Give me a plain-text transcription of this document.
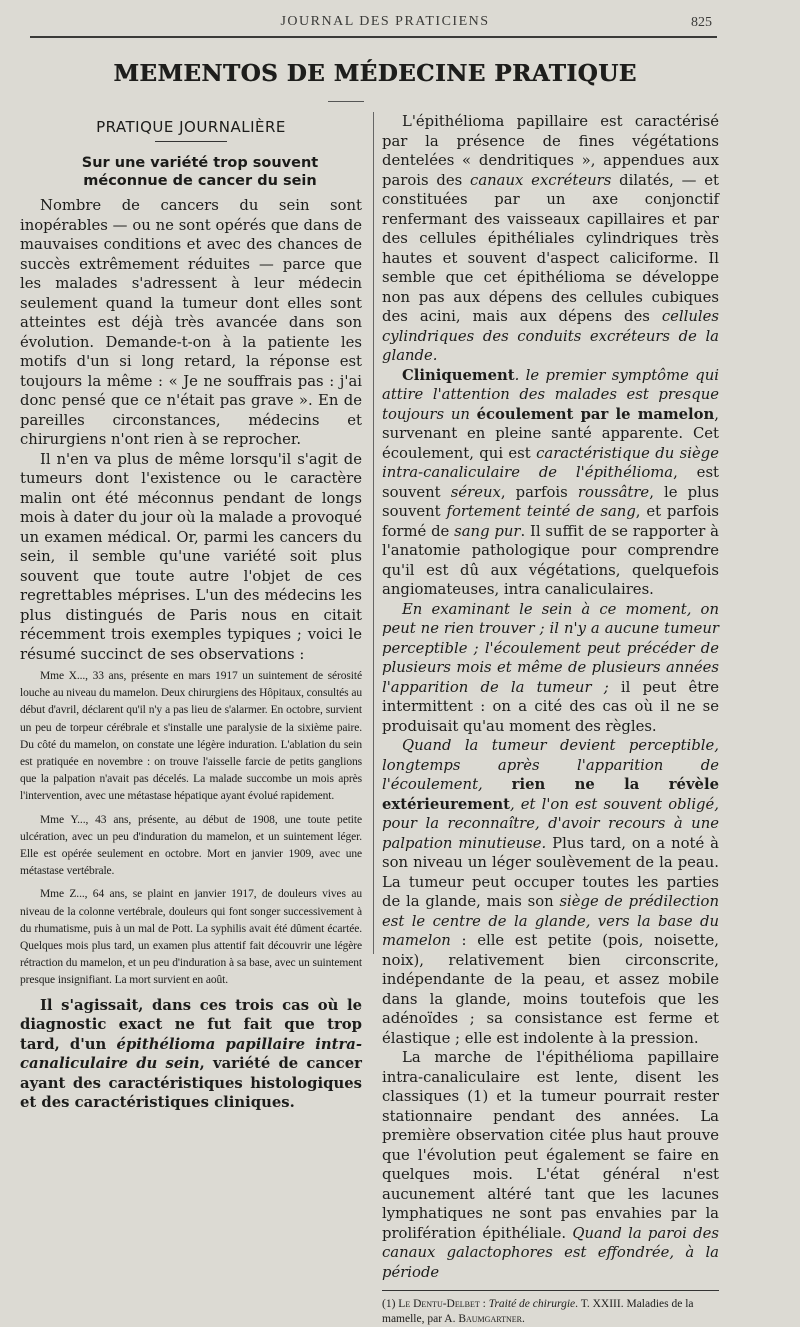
JOURNAL DES PRATICIENS	825
MEMENTOS DE MÉDECINE PRATIQUE
PRATIQUE JOURNALIÈRE
Sur une variété trop souvent méconnue de cancer du sein

Nombre de cancers du sein sont inopérables — ou ne sont opérés que dans de mauvaises conditions et avec des chances de succès extrêmement réduites — parce que les malades s'adressent à leur médecin seulement quand la tumeur dont elles sont atteintes est déjà très avancée dans son évolution. Demande-t-on à la patiente les motifs d'un si long retard, la réponse est toujours la même : « Je ne souffrais pas : j'ai donc pensé que ce n'était pas grave ». En de pareilles circonstances, médecins et chirurgiens n'ont rien à se reprocher.

Il n'en va plus de même lorsqu'il s'agit de tumeurs dont l'existence ou le caractère malin ont été méconnus pendant de longs mois à dater du jour où la malade a provoqué un examen médical. Or, parmi les cancers du sein, il semble qu'une variété soit plus souvent que toute autre l'objet de ces regrettables méprises. L'un des médecins les plus distingués de Paris nous en citait récemment trois exemples typiques ; voici le résumé succinct de ses observations :

Mme X..., 33 ans, présente en mars 1917 un suintement de sérosité louche au niveau du mamelon. Deux chirurgiens des Hôpitaux, consultés au début d'avril, déclarent qu'il n'y a pas lieu de s'alarmer. En octobre, survient un peu de torpeur cérébrale et s'installe une paralysie de la sixième paire. Du côté du mamelon, on constate une légère induration. L'ablation du sein est pratiquée en novembre : on trouve l'aisselle farcie de petits ganglions que la palpation n'avait pas décelés. La malade succombe un mois après l'intervention, avec une métastase hépatique ayant évolué rapidement.

Mme Y..., 43 ans, présente, au début de 1908, une toute petite ulcération, avec un peu d'induration du mamelon, et un suintement léger. Elle est opérée seulement en octobre. Mort en janvier 1909, avec une métastase vertébrale.

Mme Z..., 64 ans, se plaint en janvier 1917, de douleurs vives au niveau de la colonne vertébrale, douleurs qui font songer successivement à du rhumatisme, puis à un mal de Pott. La syphilis avait été dûment écartée. Quelques mois plus tard, un examen plus attentif fait découvrir une légère rétraction du mamelon, et un peu d'induration à sa base, avec un suintement presque insignifiant. La mort survient en août.

Il s'agissait, dans ces trois cas où le diagnostic exact ne fut fait que trop tard, d'un épithélioma papillaire intra-canaliculaire du sein, variété de cancer ayant des caractéristiques histologiques et des caractéristiques cliniques.

L'épithélioma papillaire est caractérisé par la présence de fines végétations dentelées « dendritiques », appendues aux parois des canaux excréteurs dilatés, — et constituées par un axe conjonctif renfermant des vaisseaux capillaires et par des cellules épithéliales cylindriques très hautes et souvent d'aspect caliciforme. Il semble que cet épithélioma se développe non pas aux dépens des cellules cubiques des acini, mais aux dépens des cellules cylindriques des conduits excréteurs de la glande.

Cliniquement. le premier symptôme qui attire l'attention des malades est presque toujours un écoulement par le mamelon, survenant en pleine santé apparente. Cet écoulement, qui est caractéristique du siège intra-canaliculaire de l'épithélioma, est souvent séreux, parfois roussâtre, le plus souvent fortement teinté de sang, et parfois formé de sang pur. Il suffit de se rapporter à l'anatomie pathologique pour comprendre qu'il est dû aux végétations, quelquefois angiomateuses, intra canaliculaires.

En examinant le sein à ce moment, on peut ne rien trouver ; il n'y a aucune tumeur perceptible ; l'écoulement peut précéder de plusieurs mois et même de plusieurs années l'apparition de la tumeur ; il peut être intermittent : on a cité des cas où il ne se produisait qu'au moment des règles.

Quand la tumeur devient perceptible, longtemps après l'apparition de l'écoulement, rien ne la révèle extérieurement, et l'on est souvent obligé, pour la reconnaître, d'avoir recours à une palpation minutieuse. Plus tard, on a noté à son niveau un léger soulèvement de la peau. La tumeur peut occuper toutes les parties de la glande, mais son siège de prédilection est le centre de la glande, vers la base du mamelon : elle est petite (pois, noisette, noix), relativement bien circonscrite, indépendante de la peau, et assez mobile dans la glande, moins toutefois que les adénoïdes ; sa consistance est ferme et élastique ; elle est indolente à la pression.

La marche de l'épithélioma papillaire intra-canaliculaire est lente, disent les classiques (1) et la tumeur pourrait rester stationnaire pendant des années. La première observation citée plus haut prouve que l'évolution peut également se faire en quelques mois. L'état général n'est aucunement altéré tant que les lacunes lymphatiques ne sont pas envahies par la prolifération épithéliale. Quand la paroi des canaux galactophores est effondrée, à la période

(1) Le Dentu-Delbet : Traité de chirurgie. T. XXIII. Maladies de la mamelle, par A. Baumgartner.
